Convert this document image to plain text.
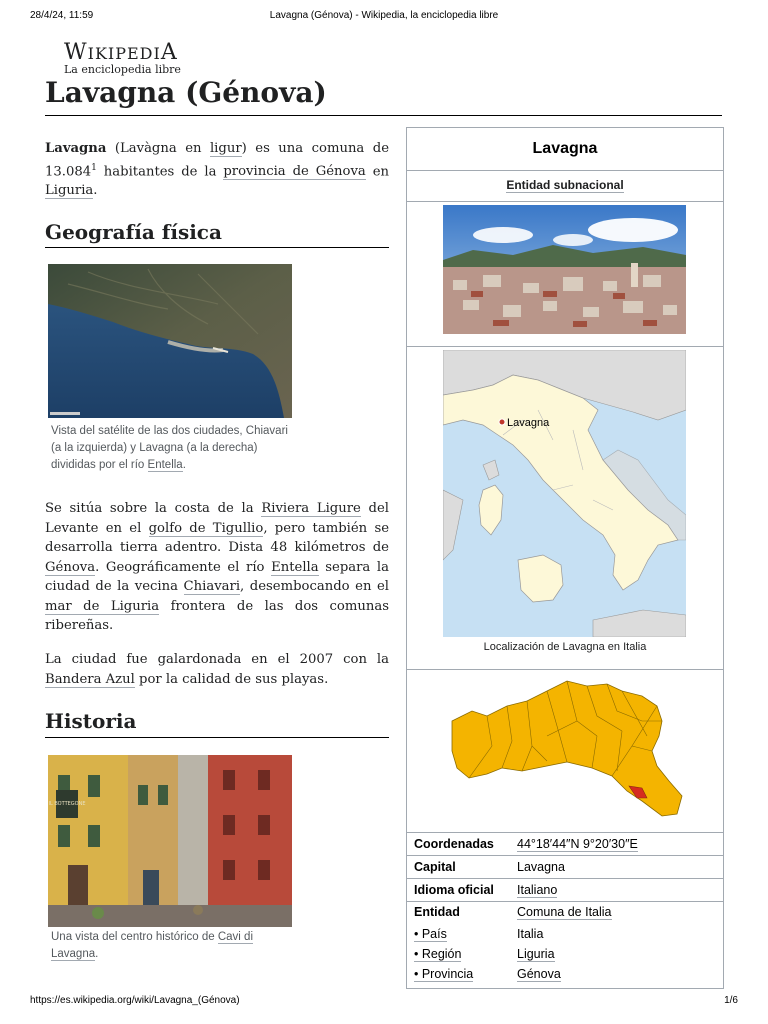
28/4/24, 11:59	Lavagna (Génova) - Wikipedia, la enciclopedia libre
WIKIPEDIA
La enciclopedia libre
Lavagna (Génova)

Lavagna (Lavàgna en ligur) es una comuna de 13.084$^1$ habitantes de la provincia de Génova en Liguria.

Geografía física
Vista del satélite de las dos ciudades, Chiavari (a la izquierda) y Lavagna (a la derecha) divididas por el río Entella.

Se sitúa sobre la costa de la Riviera Ligure del Levante en el golfo de Tigullio, pero también se desarrolla tierra adentro. Dista 48 kilómetros de Génova. Geográficamente el río Entella separa la ciudad de la vecina Chiavari, desembocando en el mar de Liguria frontera de las dos comunas ribereñas.

La ciudad fue galardonada en el 2007 con la Bandera Azul por la calidad de sus playas.

Historia
IL BOTTEGONE
Una vista del centro histórico de Cavi di Lavagna.
Lavagna
Entidad subnacional
Lavagna
Localización de Lavagna en Italia
Coordenadas 44°18′44″N 9°20′30″E
Capital	Lavagna
Idioma oficial Italiano
Entidad	Comuna de Italia
• País	Italia
• Región	Liguria
• Provincia	Génova
https://es.wikipedia.org/wiki/Lavagna_(Génova)	1/6
